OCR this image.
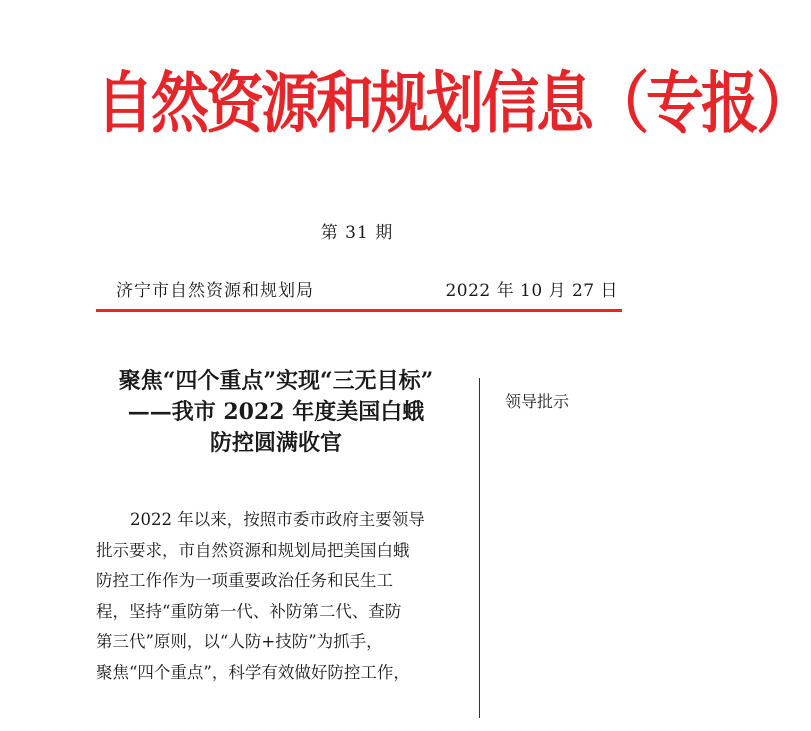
自然资源和规划信息（专报）
第 31 期
济宁市自然资源和规划局	2022 年 10 月 27 日
聚焦“四个重点”实现“三无目标”
——我市 2022 年度美国白蛾
防控圆满收官
领导批示
2022 年以来，按照市委市政府主要领导
批示要求，市自然资源和规划局把美国白蛾
防控工作作为一项重要政治任务和民生工
程，坚持“重防第一代、补防第二代、查防
第三代”原则，以“人防+技防”为抓手，
聚焦“四个重点”，科学有效做好防控工作，
